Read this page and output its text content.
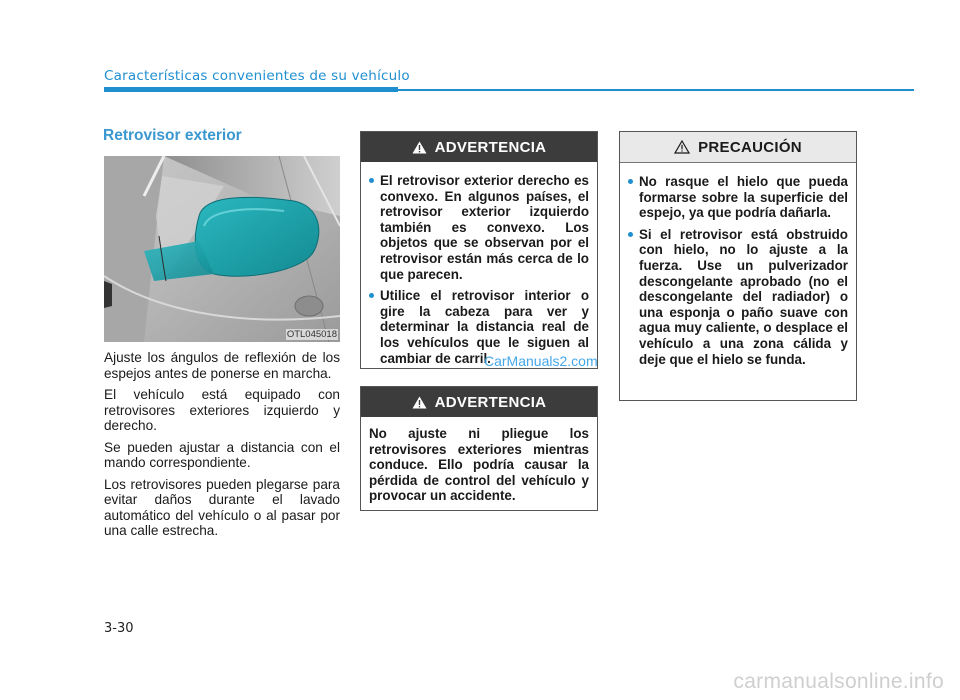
Características convenientes de su vehículo
Retrovisor exterior
OTL045018

Ajuste los ángulos de reflexión de los espejos antes de ponerse en marcha.

El vehículo está equipado con retrovisores exteriores izquierdo y derecho.

Se pueden ajustar a distancia con el mando correspondiente.

Los retrovisores pueden plegarse para evitar daños durante el lavado automático del vehículo o al pasar por una calle estrecha.

ADVERTENCIA
El retrovisor exterior derecho es convexo. En algunos países, el retrovisor exterior izquierdo también es convexo. Los objetos que se observan por el retrovisor están más cerca de lo que parecen.
Utilice el retrovisor interior o gire la cabeza para ver y determinar la distancia real de los vehículos que le siguen al cambiar de carril.
ADVERTENCIA

No ajuste ni pliegue los retrovisores exteriores mientras conduce. Ello podría causar la pérdida de control del vehículo y provocar un accidente.

PRECAUCIÓN
No rasque el hielo que pueda formarse sobre la superficie del espejo, ya que podría dañarla.
Si el retrovisor está obstruido con hielo, no lo ajuste a la fuerza. Use un pulverizador descongelante aprobado (no el descongelante del radiador) o una esponja o paño suave con agua muy caliente, o desplace el vehículo a una zona cálida y deje que el hielo se funda.
CarManuals2.com
3-30
carmanualsonline.info
